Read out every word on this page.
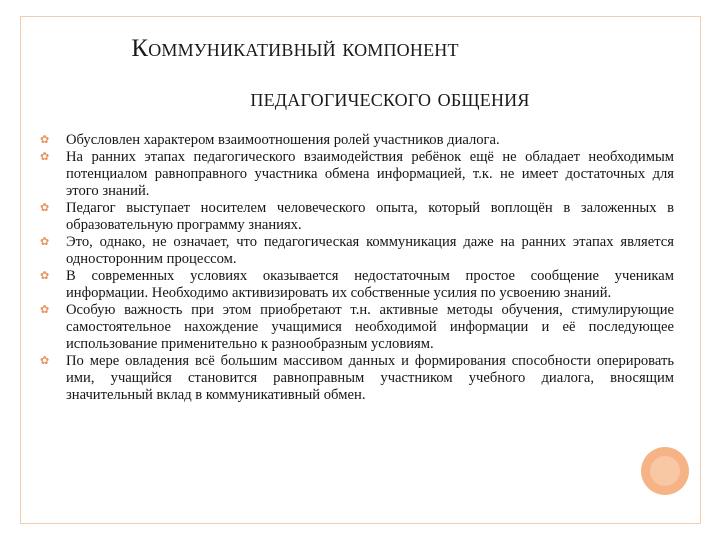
Коммуникативный компонент
педагогического общения
✿ Обусловлен характером взаимоотношения ролей участников диалога.
✿ На ранних этапах педагогического взаимодействия ребёнок ещё не обладает необходимым потенциалом равноправного участника обмена информацией, т.к. не имеет достаточных для этого знаний.
✿ Педагог выступает носителем человеческого опыта, который воплощён в заложенных в образовательную программу знаниях.
✿ Это, однако, не означает, что педагогическая коммуникация даже на ранних этапах является односторонним процессом.
✿ В современных условиях оказывается недостаточным простое сообщение ученикам информации. Необходимо активизировать их собственные усилия по усвоению знаний.
✿ Особую важность при этом приобретают т.н. активные методы обучения, стимулирующие самостоятельное нахождение учащимися необходимой информации и её последующее использование применительно к разнообразным условиям.
✿ По мере овладения всё большим массивом данных и формирования способности оперировать ими, учащийся становится равноправным участником учебного диалога, вносящим значительный вклад в коммуникативный обмен.
